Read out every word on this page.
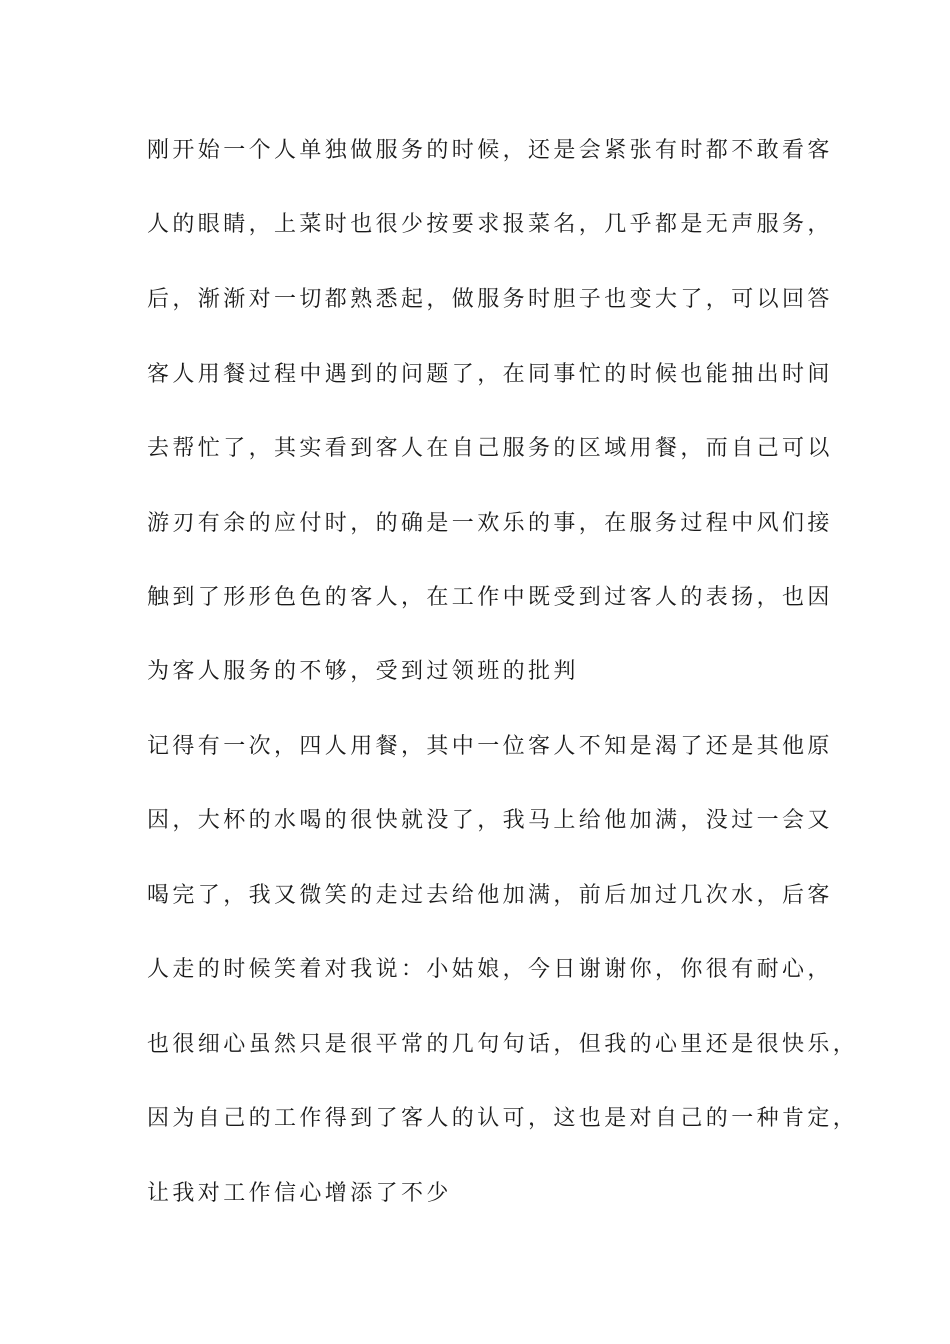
刚开始一个人单独做服务的时候，还是会紧张有时都不敢看客
人的眼睛，上菜时也很少按要求报菜名，几乎都是无声服务，
后，渐渐对一切都熟悉起，做服务时胆子也变大了，可以回答
客人用餐过程中遇到的问题了，在同事忙的时候也能抽出时间
去帮忙了，其实看到客人在自己服务的区域用餐，而自己可以
游刃有余的应付时，的确是一欢乐的事，在服务过程中风们接
触到了形形色色的客人，在工作中既受到过客人的表扬，也因
为客人服务的不够，受到过领班的批判
记得有一次，四人用餐，其中一位客人不知是渴了还是其他原
因，大杯的水喝的很快就没了，我马上给他加满，没过一会又
喝完了，我又微笑的走过去给他加满，前后加过几次水，后客
人走的时候笑着对我说：小姑娘，今日谢谢你，你很有耐心，
也很细心虽然只是很平常的几句句话，但我的心里还是很快乐，
因为自己的工作得到了客人的认可，这也是对自己的一种肯定，
让我对工作信心增添了不少
